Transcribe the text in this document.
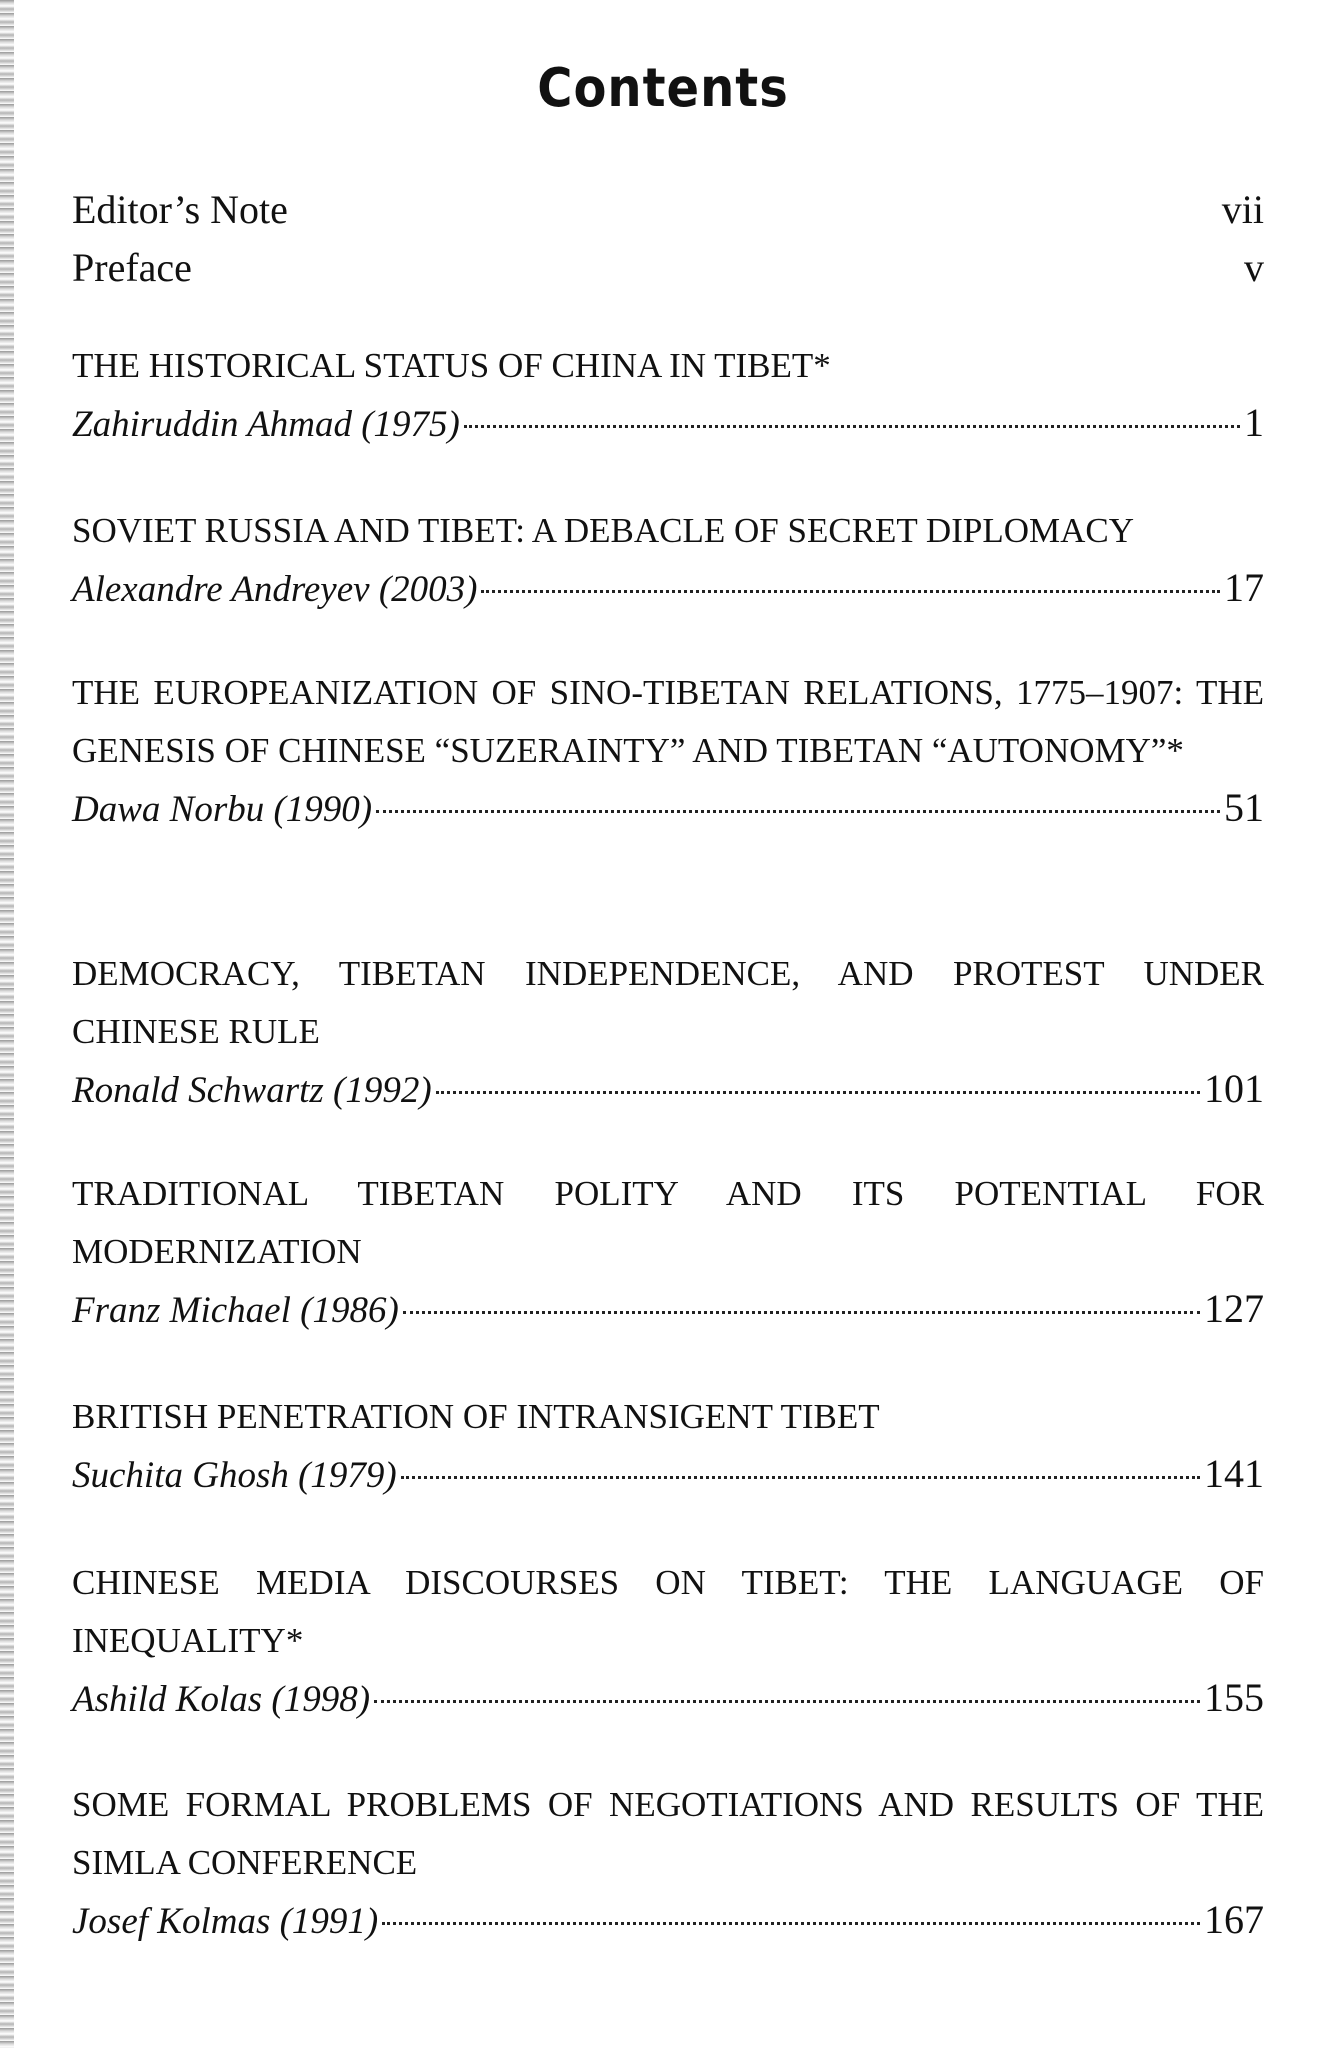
Contents
Editor’s Note	vii
Preface	v
THE HISTORICAL STATUS OF CHINA IN TIBET*
Zahiruddin Ahmad (1975)	1
SOVIET RUSSIA AND TIBET: A DEBACLE OF SECRET DIPLOMACY
Alexandre Andreyev (2003)	17
THE EUROPEANIZATION OF SINO-TIBETAN RELATIONS, 1775–1907: THE GENESIS OF CHINESE “SUZERAINTY” AND TIBETAN “AUTONOMY”*
Dawa Norbu (1990)	51
DEMOCRACY, TIBETAN INDEPENDENCE, AND PROTEST UNDER CHINESE RULE
Ronald Schwartz (1992)	101
TRADITIONAL TIBETAN POLITY AND ITS POTENTIAL FOR MODERNIZATION
Franz Michael (1986)	127
BRITISH PENETRATION OF INTRANSIGENT TIBET
Suchita Ghosh (1979)	141
CHINESE MEDIA DISCOURSES ON TIBET: THE LANGUAGE OF INEQUALITY*
Ashild Kolas (1998)	155
SOME FORMAL PROBLEMS OF NEGOTIATIONS AND RESULTS OF THE SIMLA CONFERENCE
Josef Kolmas (1991)	167
